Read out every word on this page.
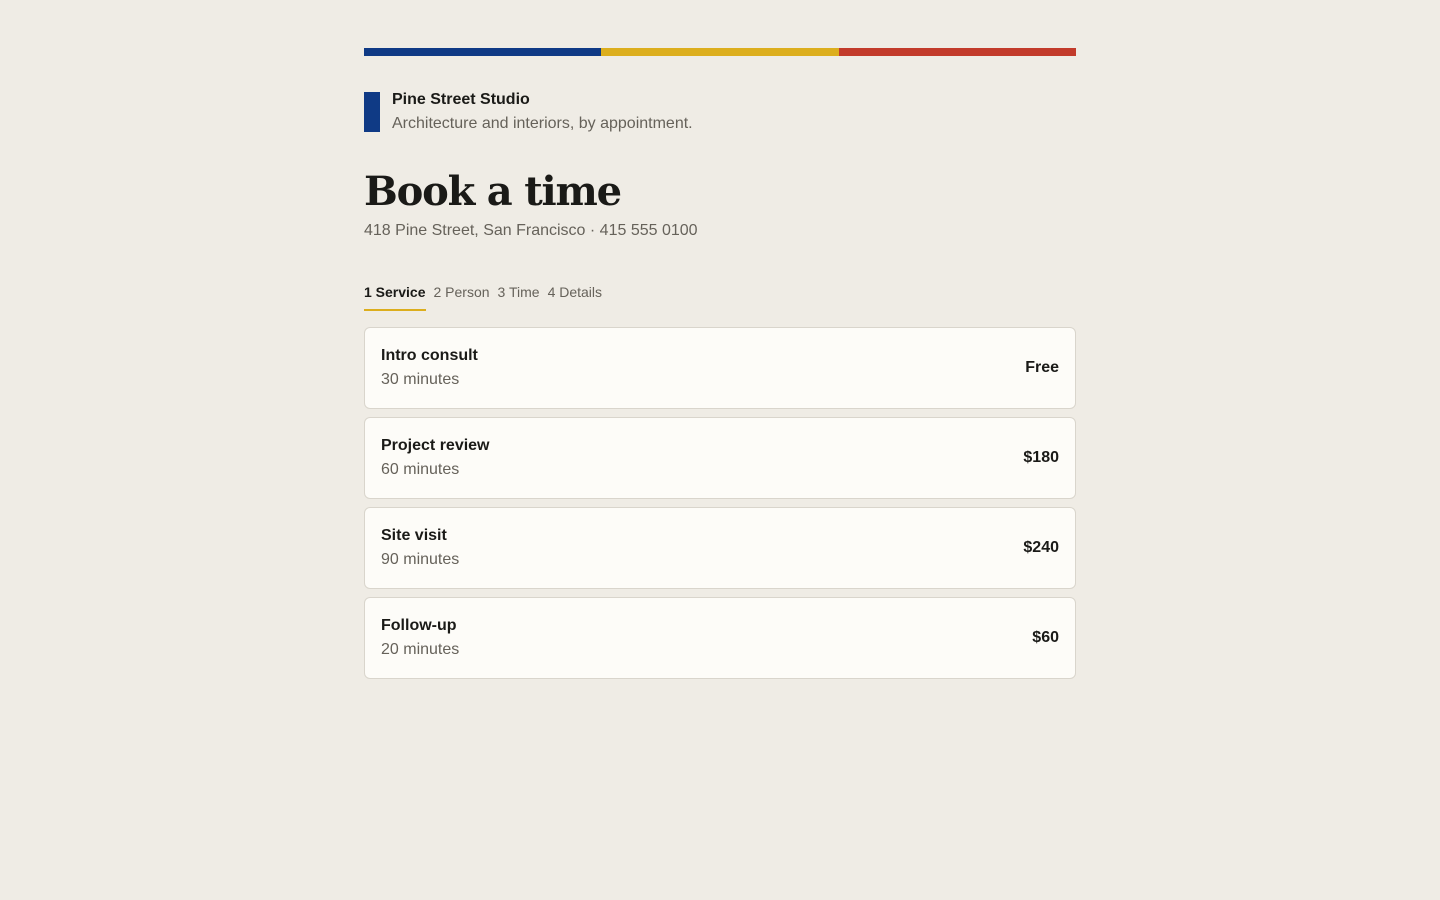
Pine Street Studio
Architecture and interiors, by appointment.
Book a time
418 Pine Street, San Francisco · 415 555 0100
1 Service 2 Person 3 Time 4 Details
Intro consult
30 minutes
Free
Project review
60 minutes
$180
Site visit
90 minutes
$240
Follow-up
20 minutes
$60
